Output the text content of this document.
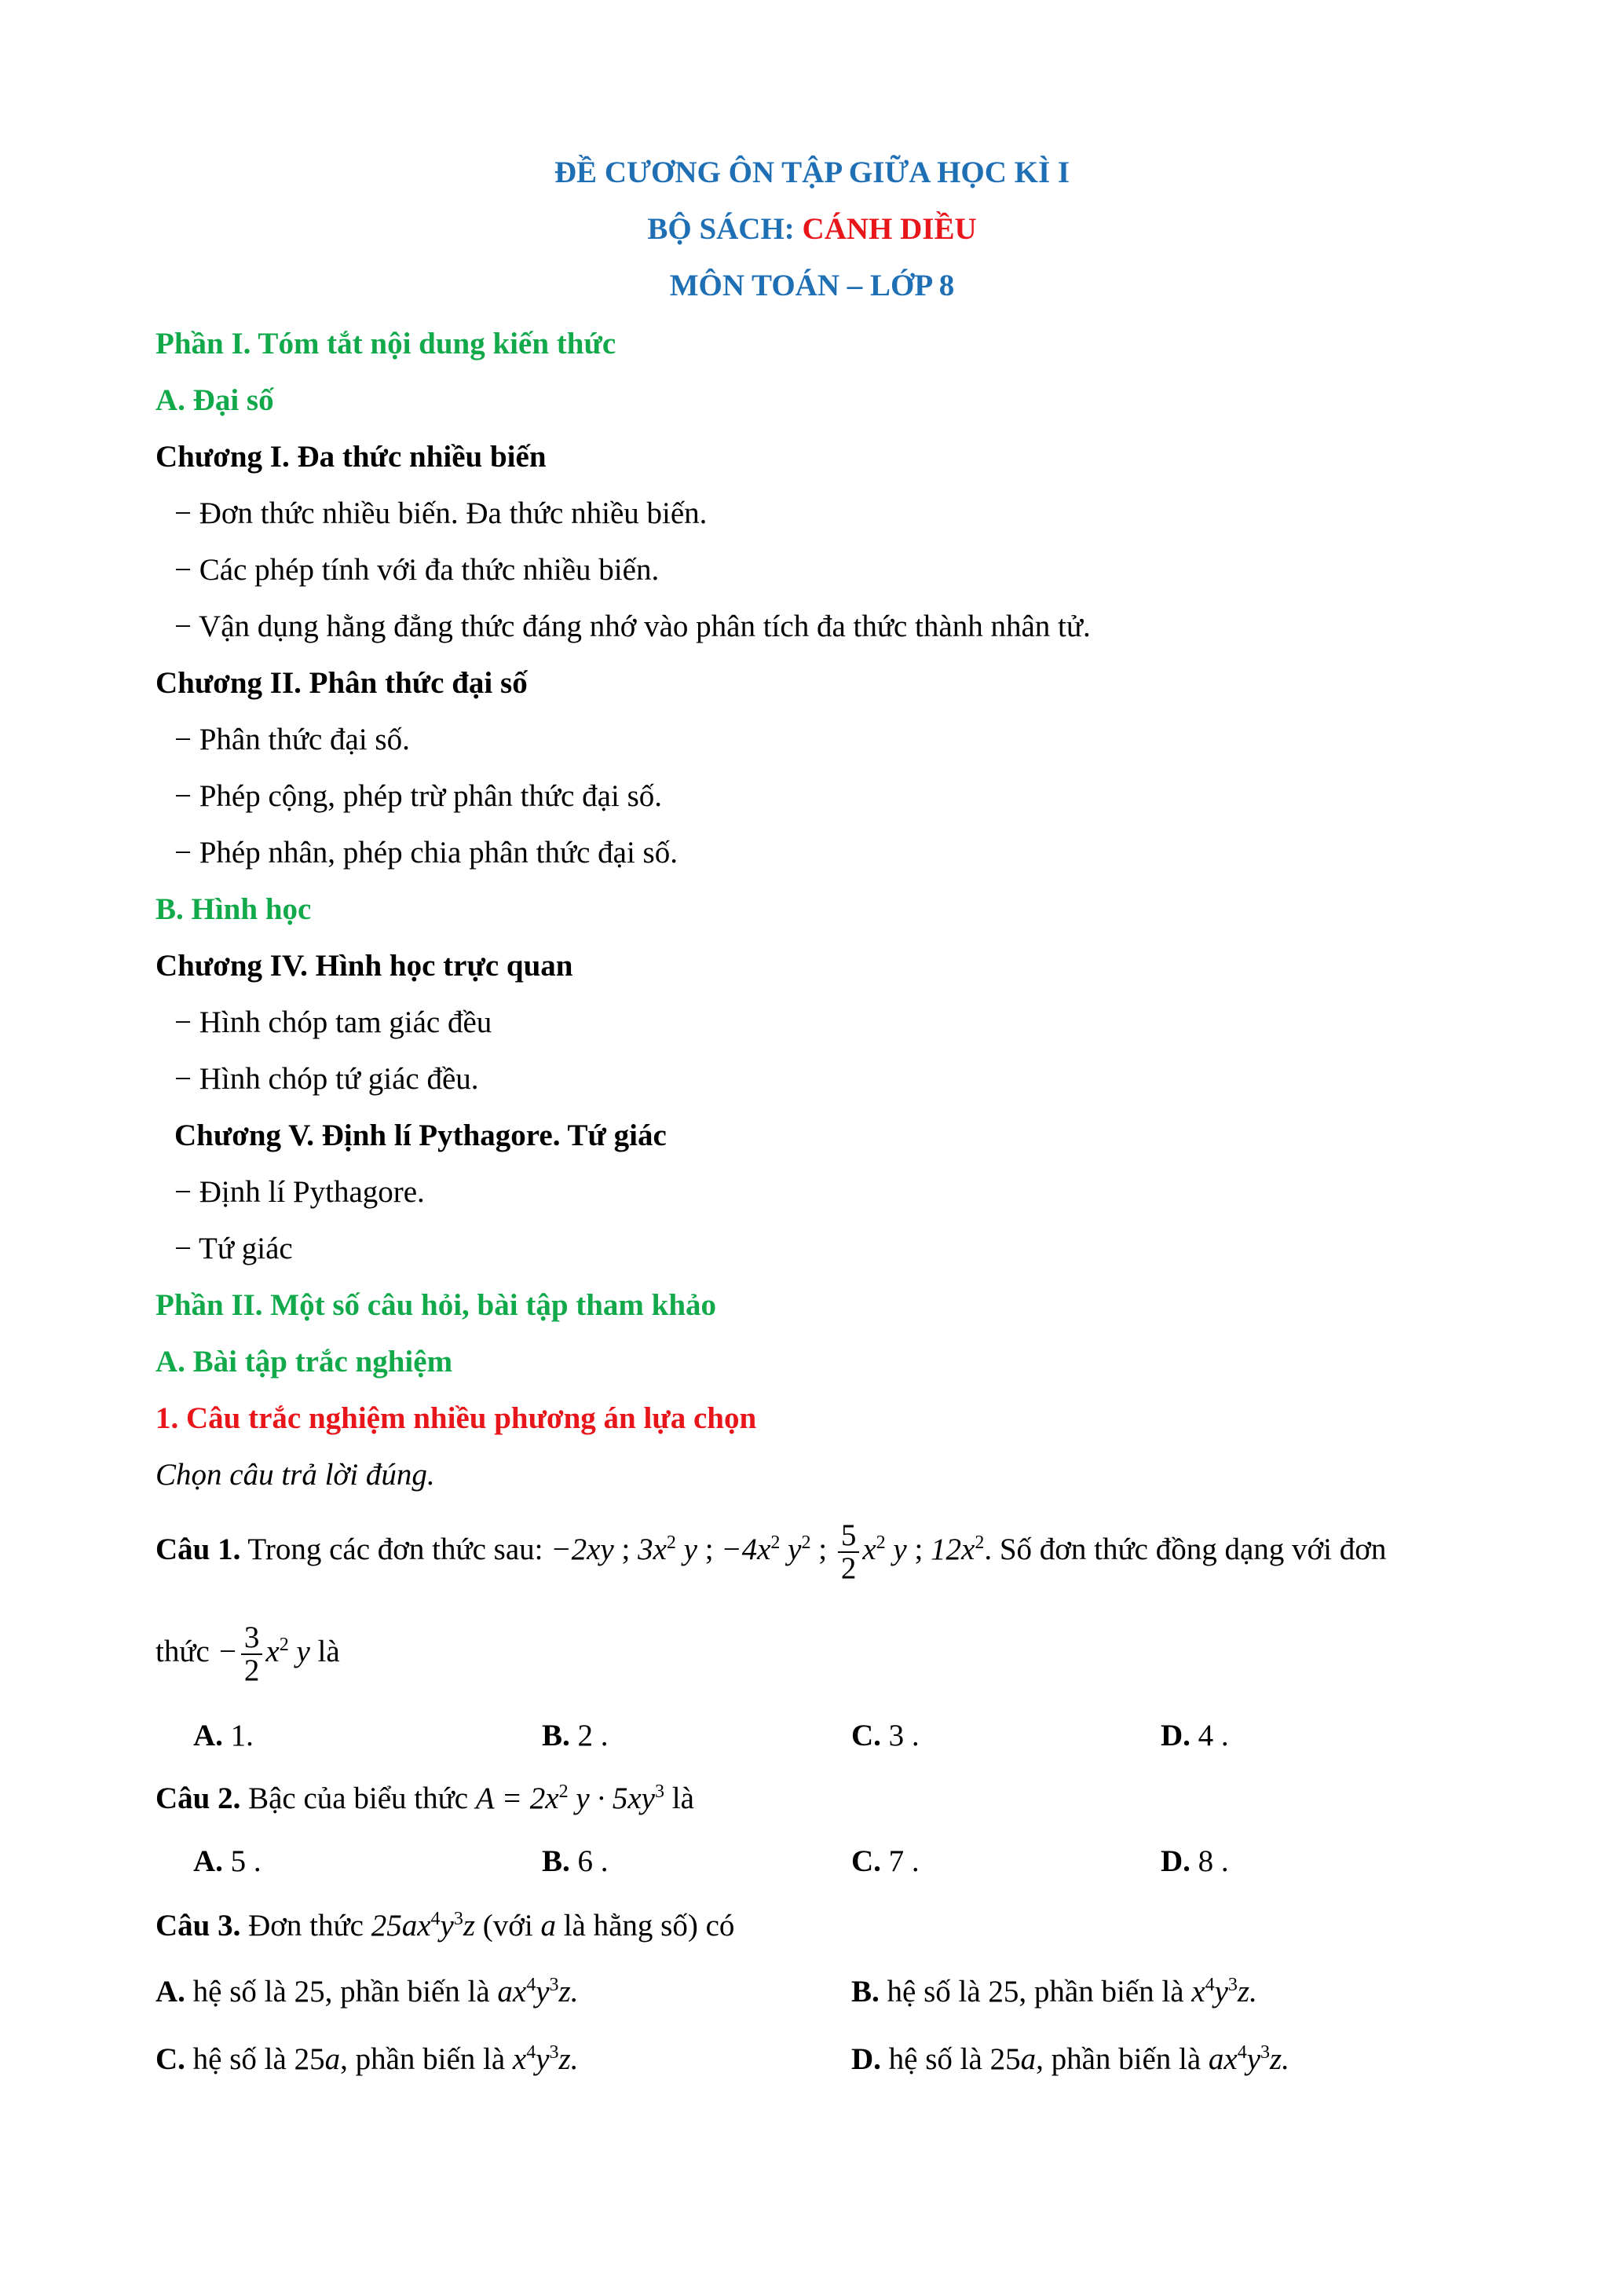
ĐỀ CƯƠNG ÔN TẬP GIỮA HỌC KÌ I
BỘ SÁCH: CÁNH DIỀU
MÔN TOÁN – LỚP 8
Phần I. Tóm tắt nội dung kiến thức
A. Đại số
Chương I. Đa thức nhiều biến
− Đơn thức nhiều biến. Đa thức nhiều biến.
− Các phép tính với đa thức nhiều biến.
− Vận dụng hằng đẳng thức đáng nhớ vào phân tích đa thức thành nhân tử.
Chương II. Phân thức đại số
− Phân thức đại số.
− Phép cộng, phép trừ phân thức đại số.
− Phép nhân, phép chia phân thức đại số.
B. Hình học
Chương IV. Hình học trực quan
− Hình chóp tam giác đều
− Hình chóp tứ giác đều.
Chương V. Định lí Pythagore. Tứ giác
− Định lí Pythagore.
− Tứ giác
Phần II. Một số câu hỏi, bài tập tham khảo
A. Bài tập trắc nghiệm
1. Câu trắc nghiệm nhiều phương án lựa chọn
Chọn câu trả lời đúng.
Câu 1. Trong các đơn thức sau: −2xy ; $3x^2$ y ; $-4x^2$ $y^2$ ; $\frac{5}{2} x^2$ y ; $12x^2$. Số đơn thức đồng dạng với đơn
thức − $\frac{3}{2} x^2$ y là
A. 1.	B. 2 .	C. 3 .	D. 4 .
Câu 2. Bậc của biểu thức $A = 2x^2$ $y \cdot 5xy^3$ là
A. 5 .	B. 6 .	C. 7 .	D. 8 .
Câu 3. Đơn thức $25ax^4y^3z$ (với a là hằng số) có
A. hệ số là 25, phần biến là $ax^4y^3z$.	B. hệ số là 25, phần biến là $x^4y^3z$.
C. hệ số là 25a, phần biến là $x^4y^3z$.	D. hệ số là 25a, phần biến là $ax^4y^3z$.
